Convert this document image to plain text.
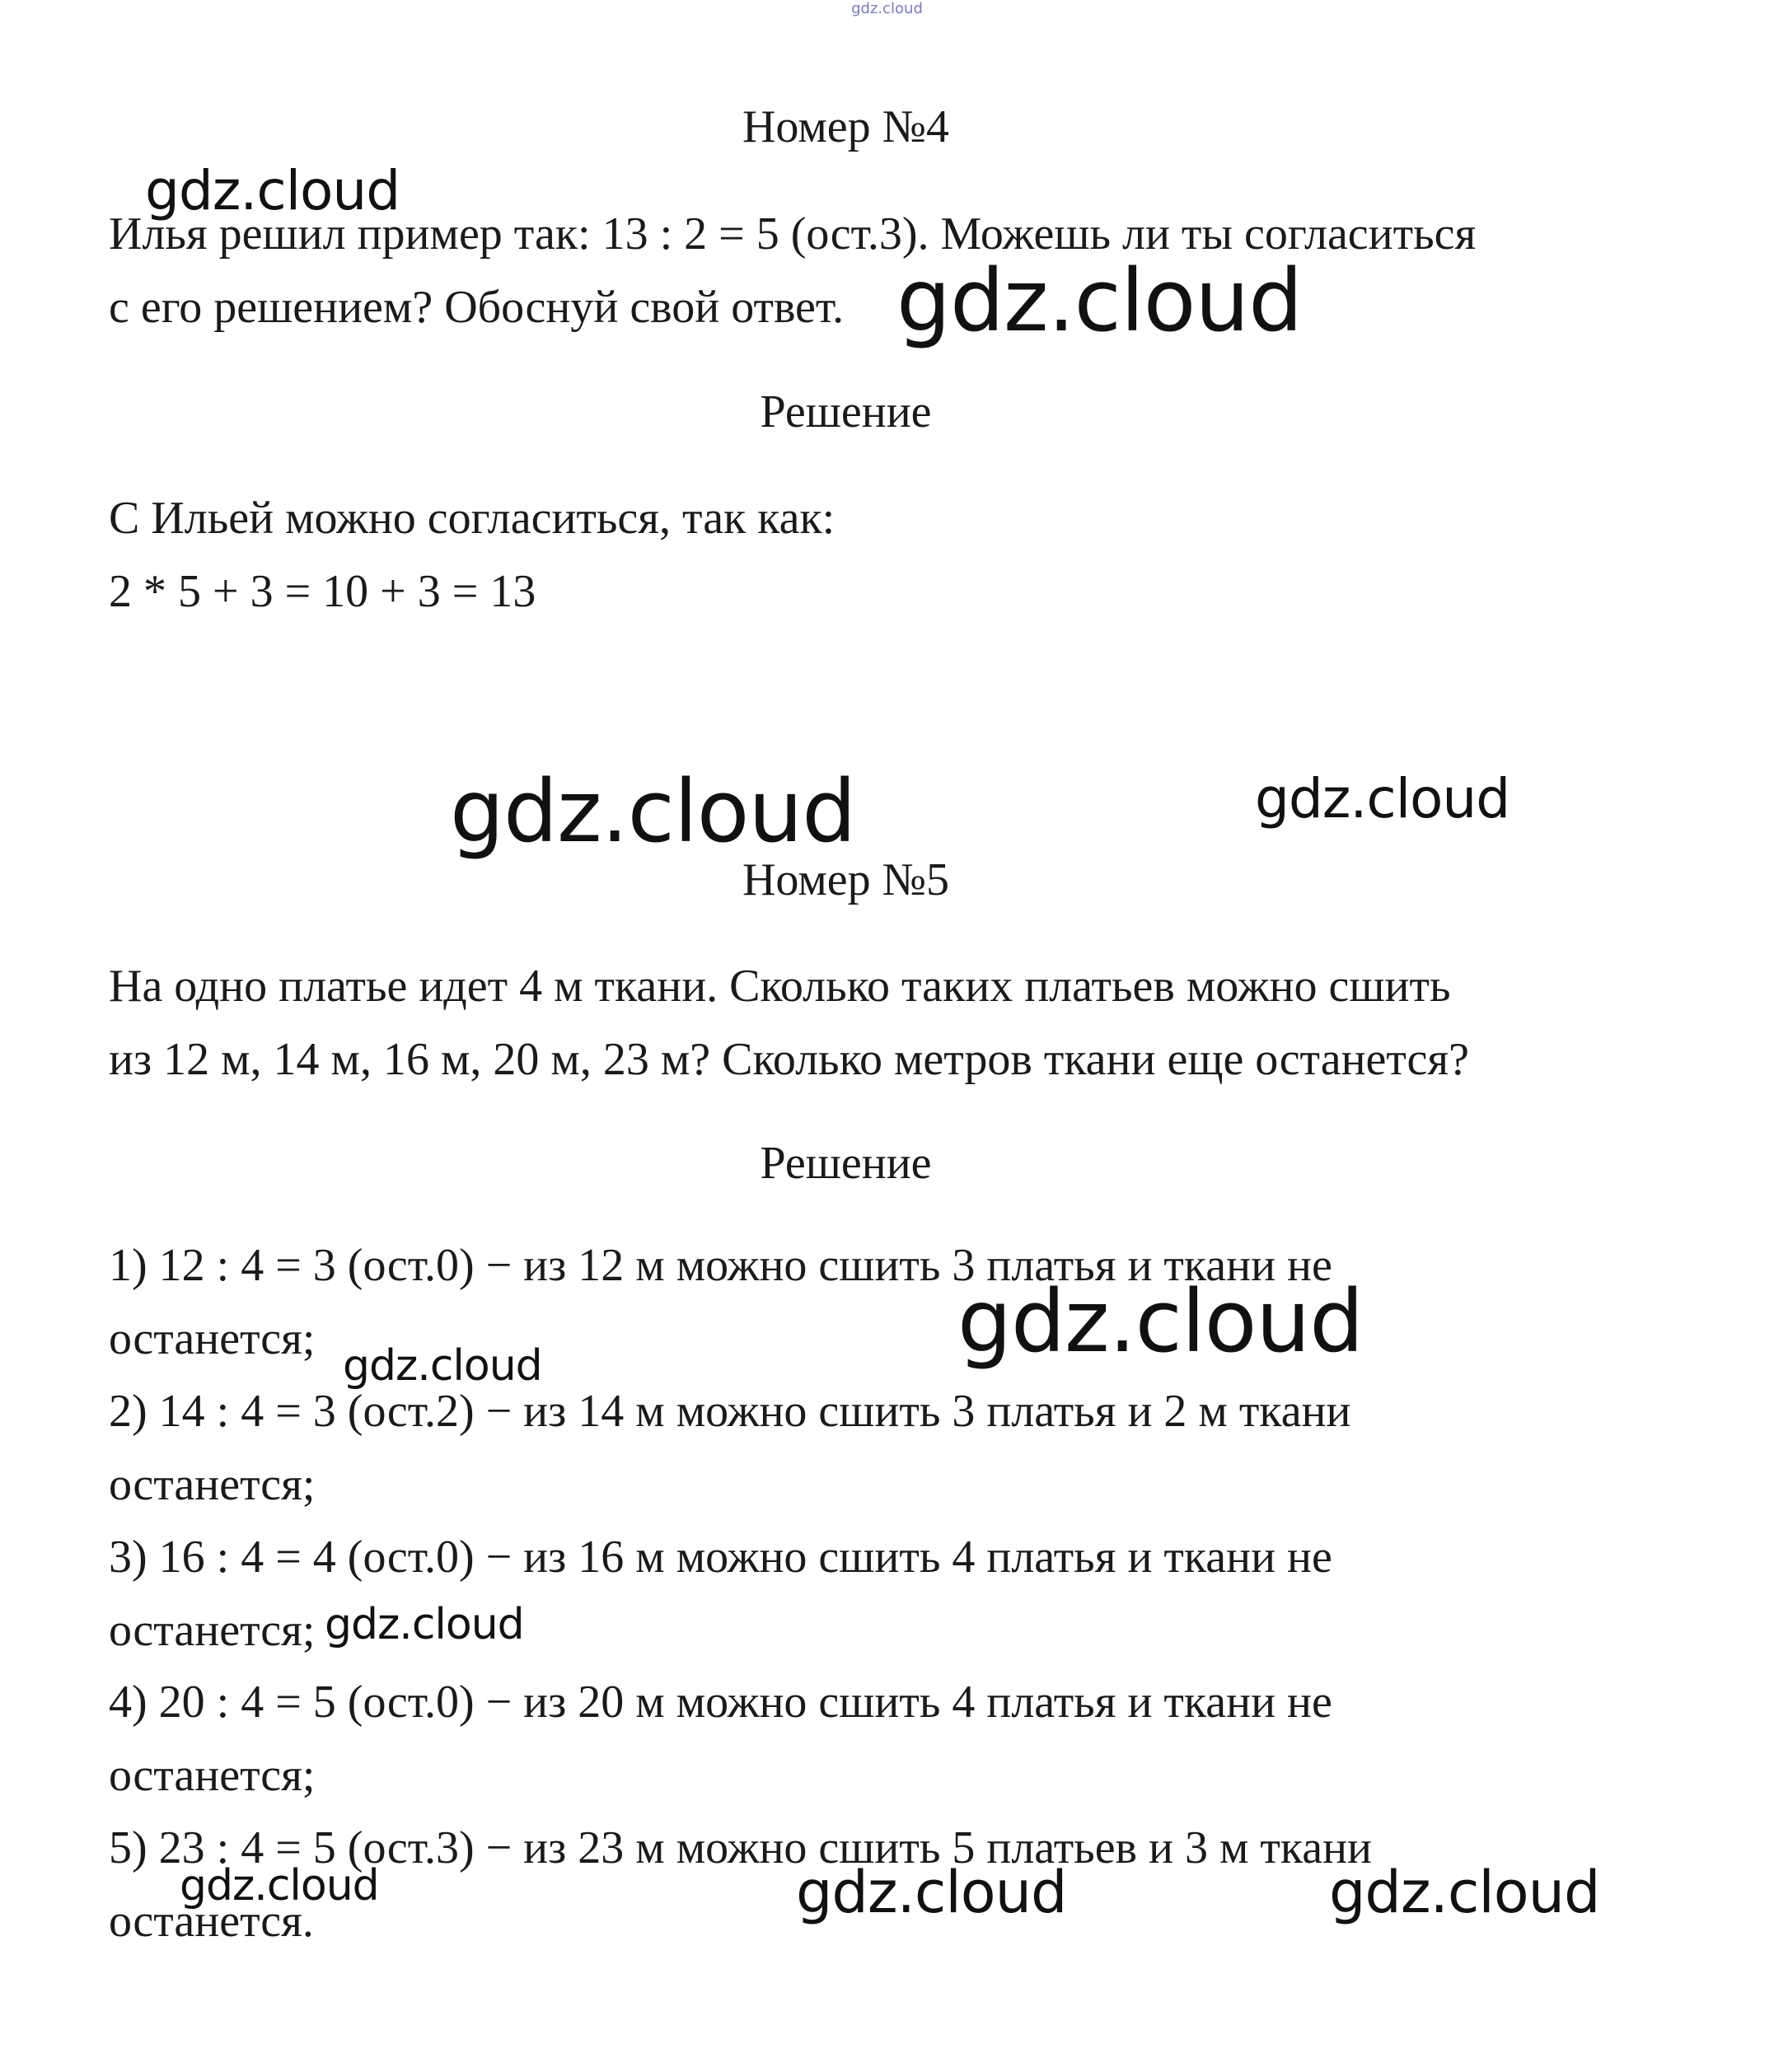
gdz.cloud
Номер №4
Илья решил пример так: 13 : 2 = 5 (ост.3). Можешь ли ты согласиться
с его решением? Обоснуй свой ответ.
Решение
С Ильей можно согласиться, так как:
2 * 5 + 3 = 10 + 3 = 13
Номер №5
На одно платье идет 4 м ткани. Сколько таких платьев можно сшить
из 12 м, 14 м, 16 м, 20 м, 23 м? Сколько метров ткани еще останется?
Решение
1) 12 : 4 = 3 (ост.0) − из 12 м можно сшить 3 платья и ткани не
останется;
2) 14 : 4 = 3 (ост.2) − из 14 м можно сшить 3 платья и 2 м ткани
останется;
3) 16 : 4 = 4 (ост.0) − из 16 м можно сшить 4 платья и ткани не
останется;
4) 20 : 4 = 5 (ост.0) − из 20 м можно сшить 4 платья и ткани не
останется;
5) 23 : 4 = 5 (ост.3) − из 23 м можно сшить 5 платьев и 3 м ткани
останется.
gdz.cloud
gdz.cloud
gdz.cloud	gdz.cloud
gdz.cloud
gdz.cloud
gdz.cloud
gdz.cloud	gdz.cloud	gdz.cloud
